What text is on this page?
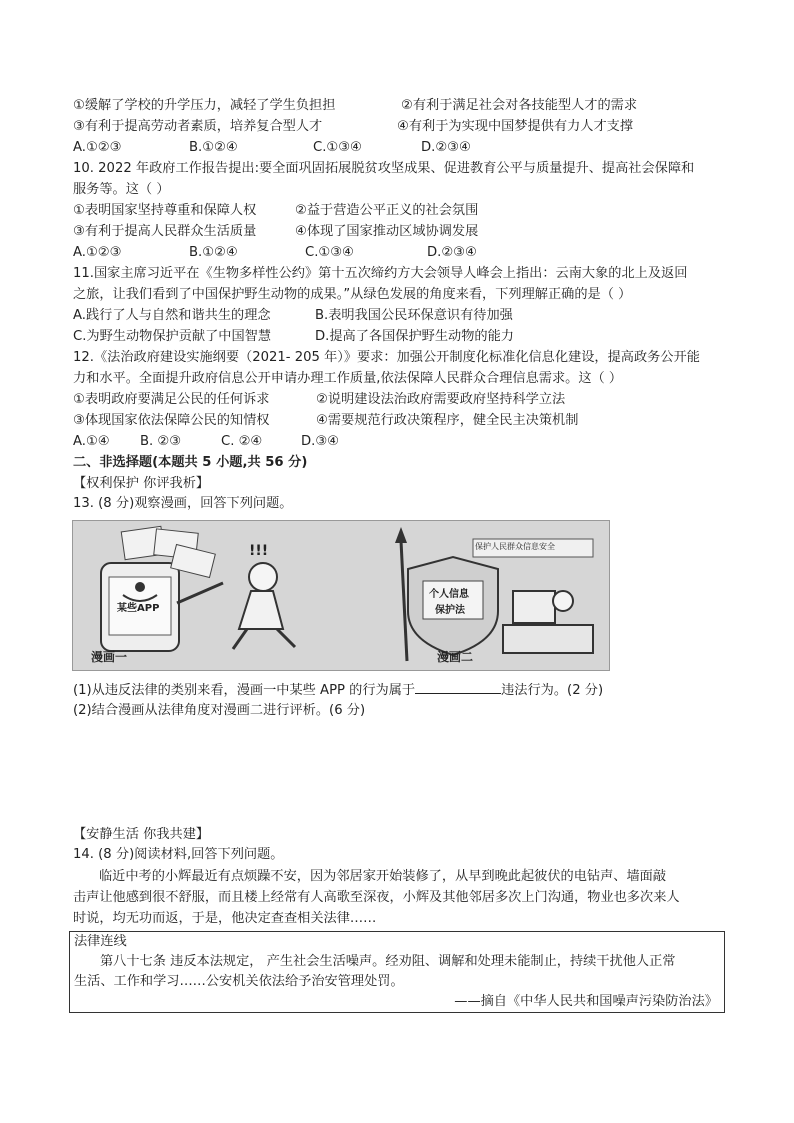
①缓解了学校的升学压力，减轻了学生负担担	②有利于满足社会对各技能型人才的需求
③有利于提高劳动者素质，培养复合型人才	④有利于为实现中国梦提供有力人才支撑
A.①②③	B.①②④	C.①③④	D.②③④
10. 2022 年政府工作报告提出:要全面巩固拓展脱贫攻坚成果、促进教育公平与质量提升、提高社会保障和
服务等。这（ ）
①表明国家坚持尊重和保障人权	②益于营造公平正义的社会氛围
③有利于提高人民群众生活质量	④体现了国家推动区域协调发展
A.①②③	B.①②④	C.①③④	D.②③④
11.国家主席习近平在《生物多样性公约》第十五次缔约方大会领导人峰会上指出：云南大象的北上及返回
之旅，让我们看到了中国保护野生动物的成果。”从绿色发展的角度来看，下列理解正确的是（ ）
A.践行了人与自然和谐共生的理念	B.表明我国公民环保意识有待加强
C.为野生动物保护贡献了中国智慧	D.提高了各国保护野生动物的能力
12.《法治政府建设实施纲要（2021- 205 年）》要求：加强公开制度化标准化信息化建设，提高政务公开能
力和水平。全面提升政府信息公开申请办理工作质量,依法保障人民群众合理信息需求。这（ ）
①表明政府要满足公民的任何诉求	②说明建设法治政府需要政府坚持科学立法
③体现国家依法保障公民的知情权	④需要规范行政决策程序，健全民主决策机制
A.①④ B. ②③	C. ②④	D.③④
二、非选择题(本题共 5 小题,共 56 分)
【权利保护 你评我析】
13. (8 分)观察漫画，回答下列问题。
!!!
漫画一	漫画二
某些APP
保护人民群众信息安全
个人信息
保护法
(1)从违反法律的类别来看，漫画一中某些 APP 的行为属于	违法行为。(2 分)
(2)结合漫画从法律角度对漫画二进行评析。(6 分)
【安静生活 你我共建】
14. (8 分)阅读材料,回答下列问题。
临近中考的小辉最近有点烦躁不安，因为邻居家开始装修了，从早到晚此起彼伏的电钻声、墙面敲
击声让他感到很不舒服，而且楼上经常有人高歌至深夜，小辉及其他邻居多次上门沟通，物业也多次来人
时说，均无功而返，于是，他决定查查相关法律……
法律连线
第八十七条 违反本法规定， 产生社会生活噪声。经劝阻、调解和处理未能制止，持续干扰他人正常
生活、工作和学习……公安机关依法给予治安管理处罚。
——摘自《中华人民共和国噪声污染防治法》
